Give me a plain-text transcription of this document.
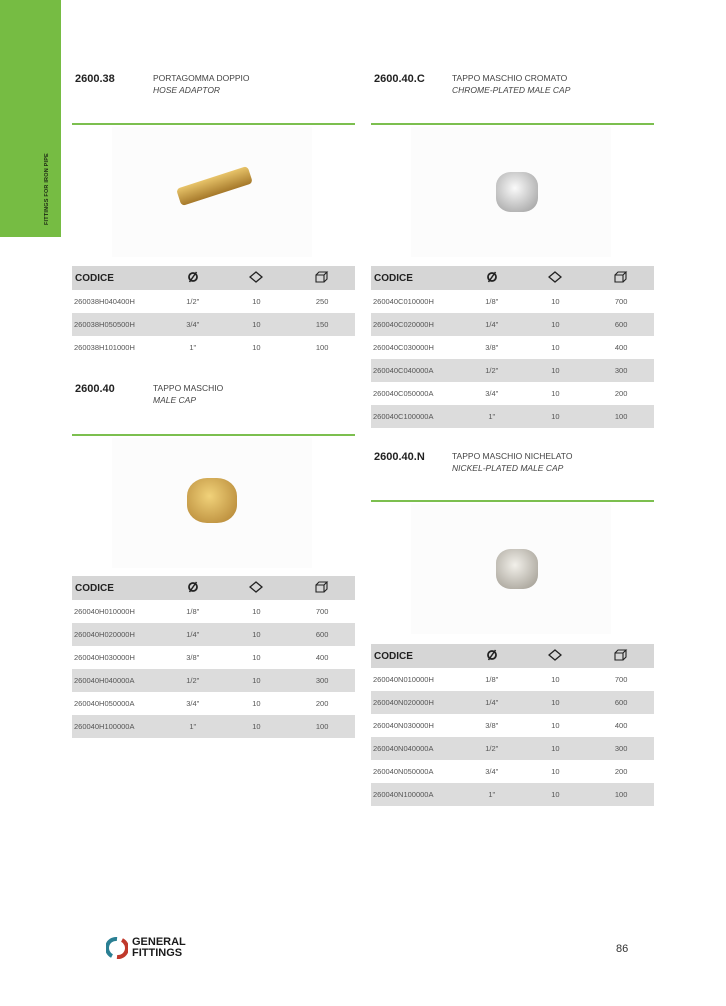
FITTINGS FOR IRON PIPE
2600.38	PORTAGOMMA DOPPIO
HOSE ADAPTOR
CODICE			
260038H040400H	1/2"	10	250
260038H050500H	3/4"	10	150
260038H101000H	1"	10	100
2600.40	TAPPO MASCHIO
MALE CAP
CODICE			
260040H010000H	1/8"	10	700
260040H020000H	1/4"	10	600
260040H030000H	3/8"	10	400
260040H040000A	1/2"	10	300
260040H050000A	3/4"	10	200
260040H100000A	1"	10	100
2600.40.C	TAPPO MASCHIO CROMATO
CHROME-PLATED MALE CAP
CODICE			
260040C010000H	1/8"	10	700
260040C020000H	1/4"	10	600
260040C030000H	3/8"	10	400
260040C040000A	1/2"	10	300
260040C050000A	3/4"	10	200
260040C100000A	1"	10	100
2600.40.N	TAPPO MASCHIO NICHELATO
NICKEL-PLATED MALE CAP
CODICE			
260040N010000H	1/8"	10	700
260040N020000H	1/4"	10	600
260040N030000H	3/8"	10	400
260040N040000A	1/2"	10	300
260040N050000A	3/4"	10	200
260040N100000A	1"	10	100
GENERAL
FITTINGS	86
